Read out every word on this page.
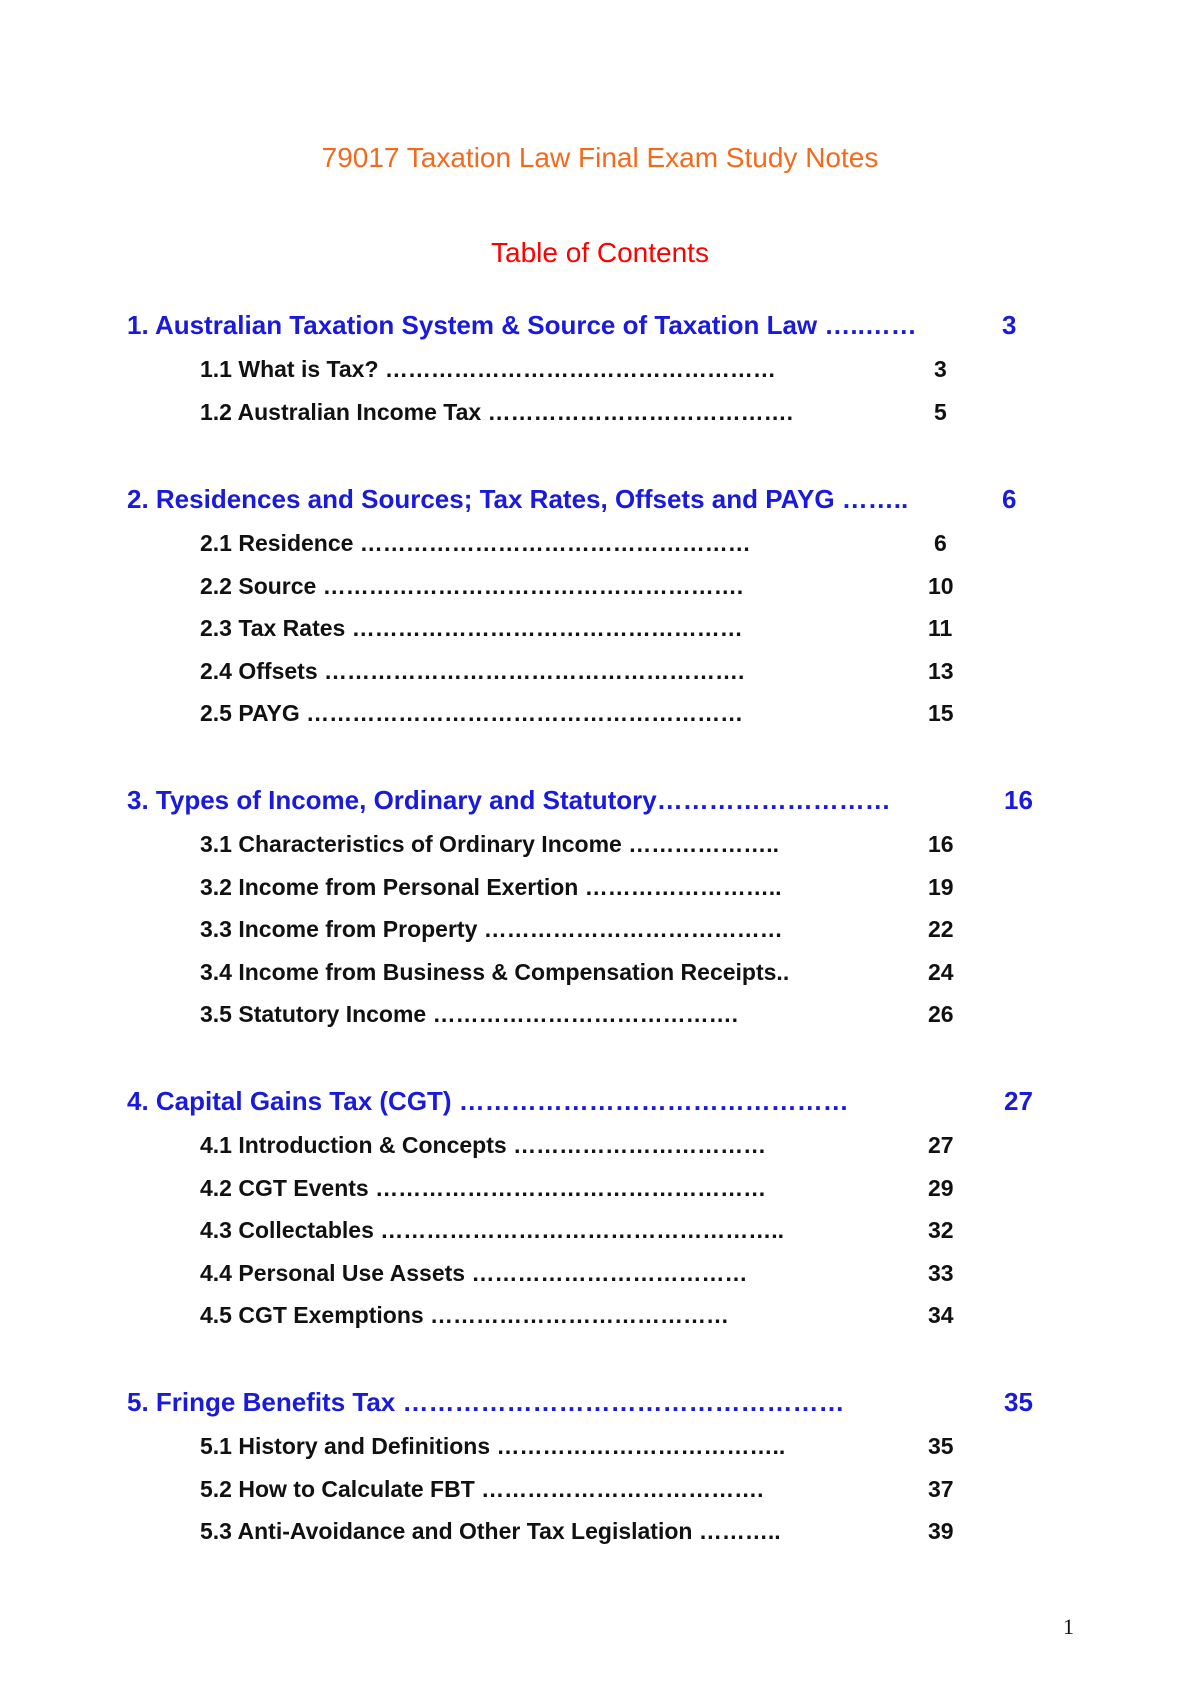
79017 Taxation Law Final Exam Study Notes
Table of Contents
1. Australian Taxation System & Source of Taxation Law …..……	3
1.1 What is Tax? ……………………………………………	3
1.2 Australian Income Tax ………………………………….	5
2. Residences and Sources; Tax Rates, Offsets and PAYG ……..	6
2.1 Residence ……………………………………………	6
2.2 Source ……………………………………………….	10
2.3 Tax Rates ……………………………………………	11
2.4 Offsets ……………………………………………….	13
2.5 PAYG …………………………………………………	15
3. Types of Income, Ordinary and Statutory………………………	16
3.1 Characteristics of Ordinary Income ………………..	16
3.2 Income from Personal Exertion ……………………..	19
3.3 Income from Property …………………………………	22
3.4 Income from Business & Compensation Receipts..	24
3.5 Statutory Income ………………………………….	26
4. Capital Gains Tax (CGT) ………………………………………	27
4.1 Introduction & Concepts ……………………………	27
4.2 CGT Events ……………………………………………	29
4.3 Collectables ……………………………………………..	32
4.4 Personal Use Assets ………………………………	33
4.5 CGT Exemptions …………………………………	34
5. Fringe Benefits Tax ……………………………………………	35
5.1 History and Definitions ………………………………..	35
5.2 How to Calculate FBT ……………………………….	37
5.3 Anti-Avoidance and Other Tax Legislation ………..	39
1
